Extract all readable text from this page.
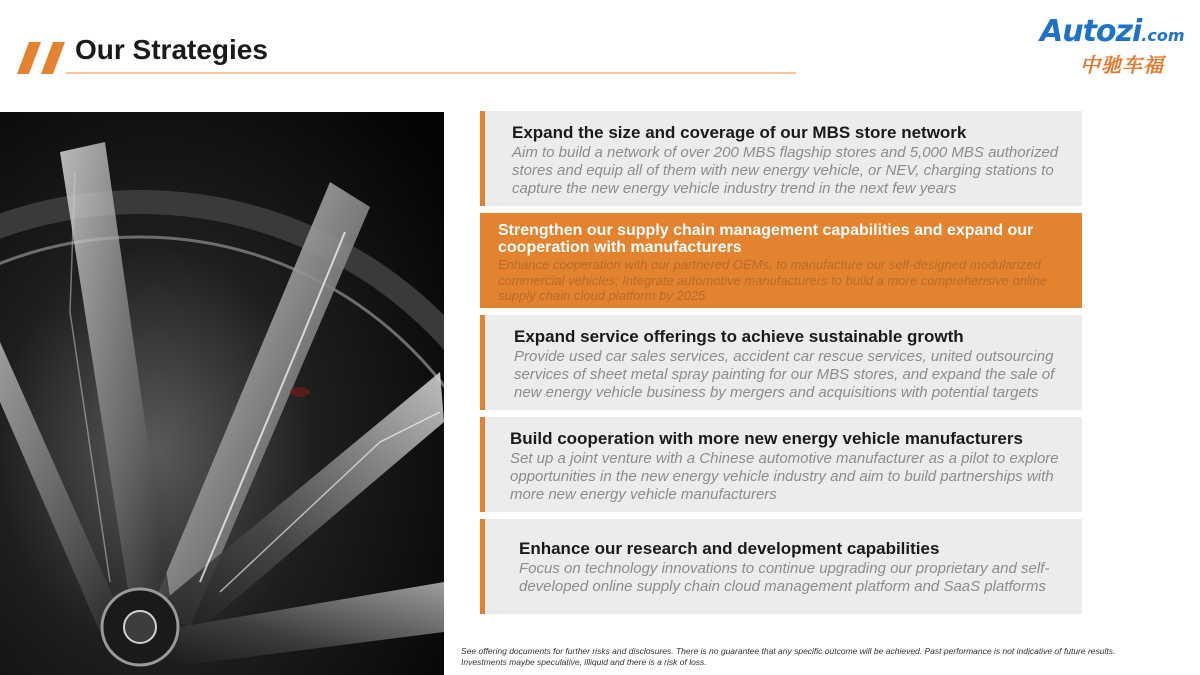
Our Strategies
Autozi.com
中驰车福

Expand the size and coverage of our MBS store network

Aim to build a network of over 200 MBS flagship stores and 5,000 MBS authorized stores and equip all of them with new energy vehicle, or NEV, charging stations to capture the new energy vehicle industry trend in the next few years

Strengthen our supply chain management capabilities and expand our cooperation with manufacturers

Enhance cooperation with our partnered OEMs, to manufacture our self-designed modularized commercial vehicles; Integrate automotive manufacturers to build a more comprehensive online supply chain cloud platform by 2025

Expand service offerings to achieve sustainable growth

Provide used car sales services, accident car rescue services, united outsourcing services of sheet metal spray painting for our MBS stores, and expand the sale of new energy vehicle business by mergers and acquisitions with potential targets

Build cooperation with more new energy vehicle manufacturers

Set up a joint venture with a Chinese automotive manufacturer as a pilot to explore opportunities in the new energy vehicle industry and aim to build partnerships with more new energy vehicle manufacturers

Enhance our research and development capabilities

Focus on technology innovations to continue upgrading our proprietary and self-developed online supply chain cloud management platform and SaaS platforms

See offering documents for further risks and disclosures. There is no guarantee that any specific outcome will be achieved. Past performance is not indicative of future results. Investments maybe speculative, illiquid and there is a risk of loss.
